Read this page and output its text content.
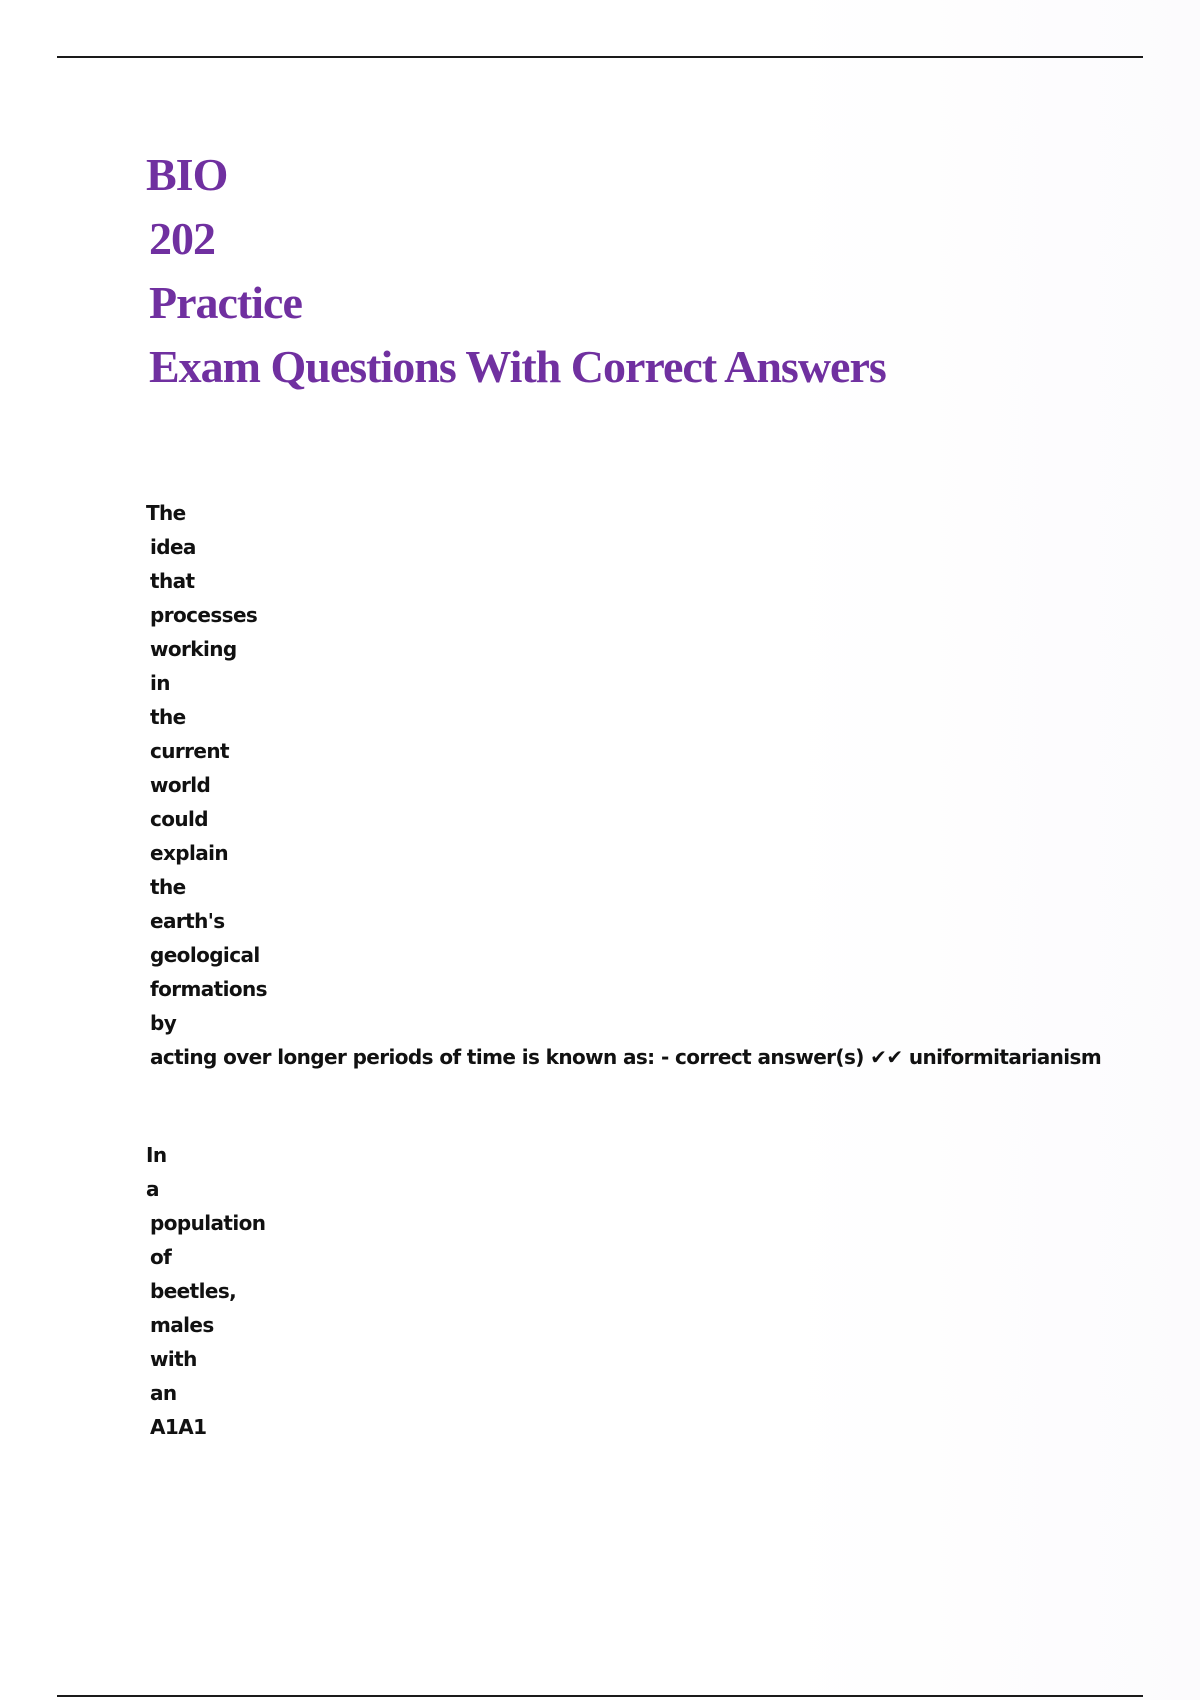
BIO
202
Practice
Exam Questions With Correct Answers
The
idea
that
processes
working
in
the
current
world
could
explain
the
earth's
geological
formations
by
acting over longer periods of time is known as: - correct answer(s) ✔✔ uniformitarianism
In
a
population
of
beetles,
males
with
an
A1A1
